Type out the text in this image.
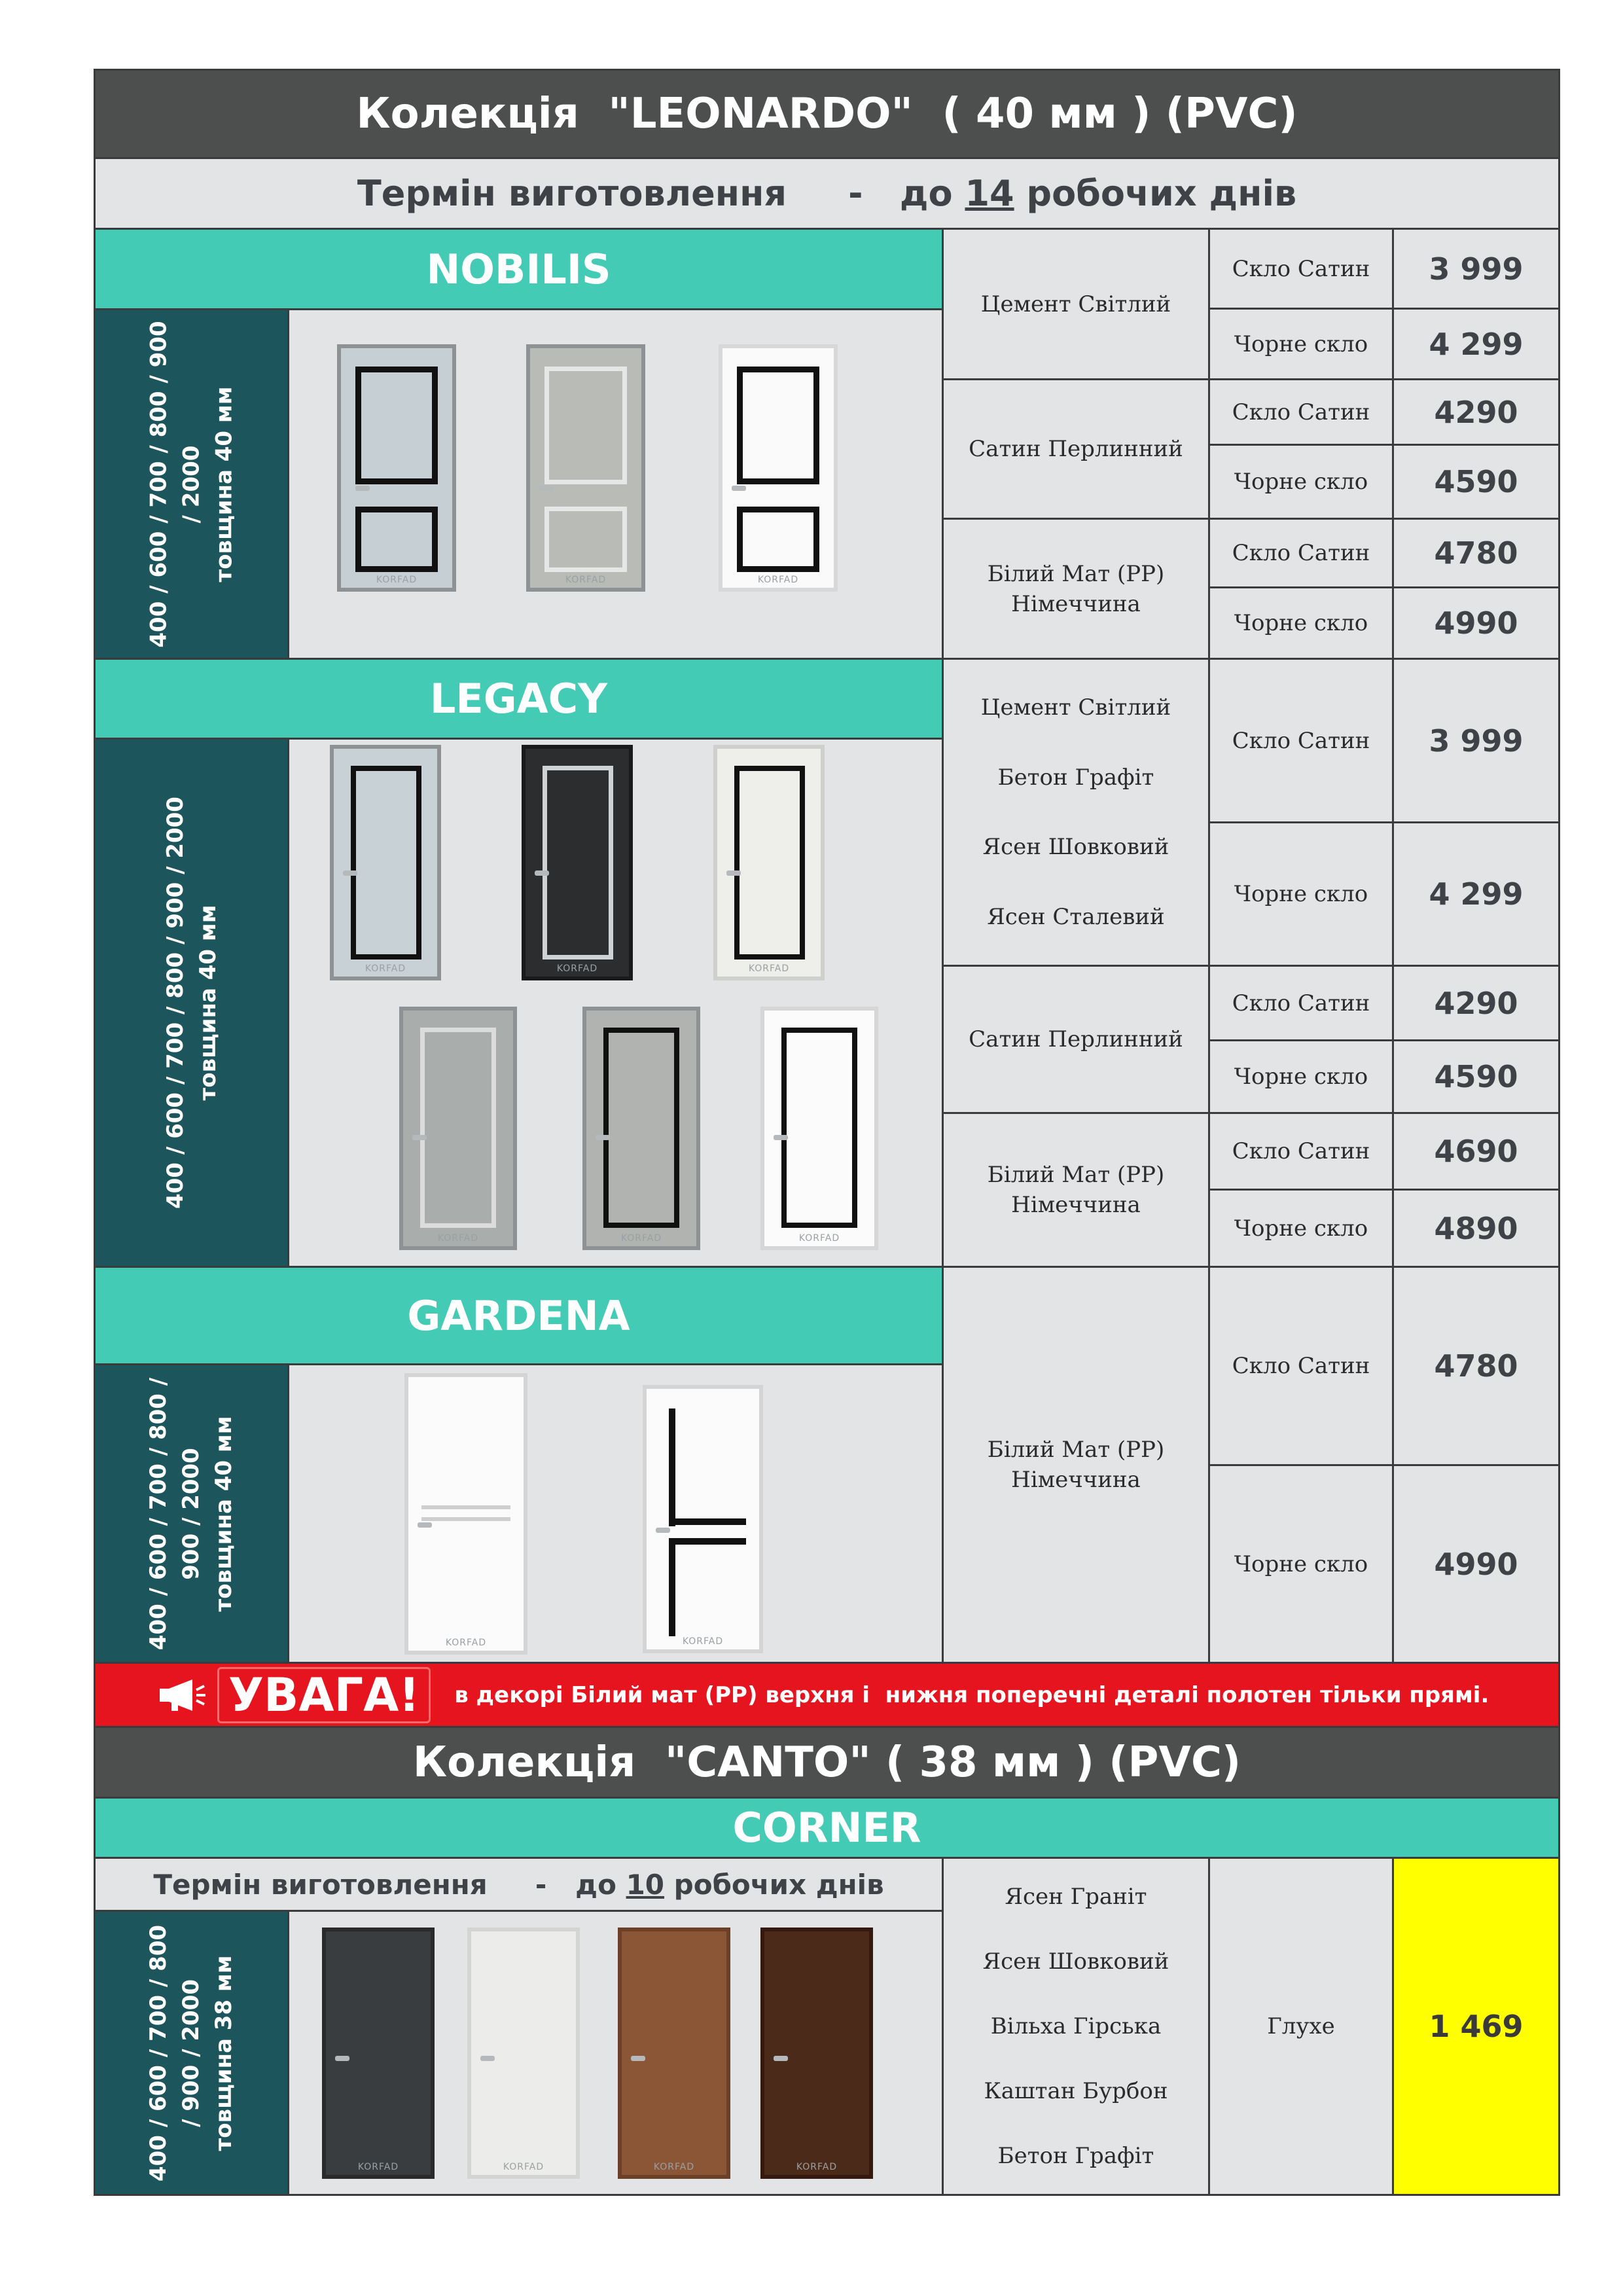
Колекція  "LEONARDO"  ( 40 мм ) (PVC)
Термін виготовлення
-
до
14
робочих днів
NOBILIS
400 / 600 / 700 / 800 / 900 / 2000 товщина 40 мм	KORFAD	KORFAD	KORFAD
Цемент Світлий
Скло Сатин 3 999
Чорне скло 4 299
Сатин Перлинний
Скло Сатин 4290
Чорне скло 4590
Білий Мат (PP)
Німеччина
Скло Сатин 4780
Чорне скло 4990
LEGACY
400 / 600 / 700 / 800 / 900 / 2000 товщина 40 мм	KORFAD	KORFAD	KORFAD
KORFAD	KORFAD	KORFAD
Цемент Світлий
Бетон Графіт
Ясен Шовковий
Ясен Сталевий
Скло Сатин 3 999
Чорне скло 4 299
Сатин Перлинний
Скло Сатин 4290
Чорне скло 4590
Білий Мат (PP)
Німеччина
Скло Сатин 4690
Чорне скло 4890
GARDENA
400 / 600 / 700 / 800 / 900 / 2000 товщина 40 мм
KORFAD	KORFAD
Білий Мат (PP)
Німеччина
Скло Сатин 4780
Чорне скло 4990
УВАГА! в декорі Білий мат (PP) верхня і  нижня поперечні деталі полотен тільки прямі.
Колекція  "CANTO" ( 38 мм ) (PVC)
CORNER
Термін виготовлення
-
до
10
робочих днів
400 / 600 / 700 / 800 / 900 / 2000 товщина 38 мм
KORFAD	KORFAD	KORFAD	KORFAD
Ясен Граніт
Ясен Шовковий
Вільха Гірська
Каштан Бурбон
Бетон Графіт
Глухе	1 469
